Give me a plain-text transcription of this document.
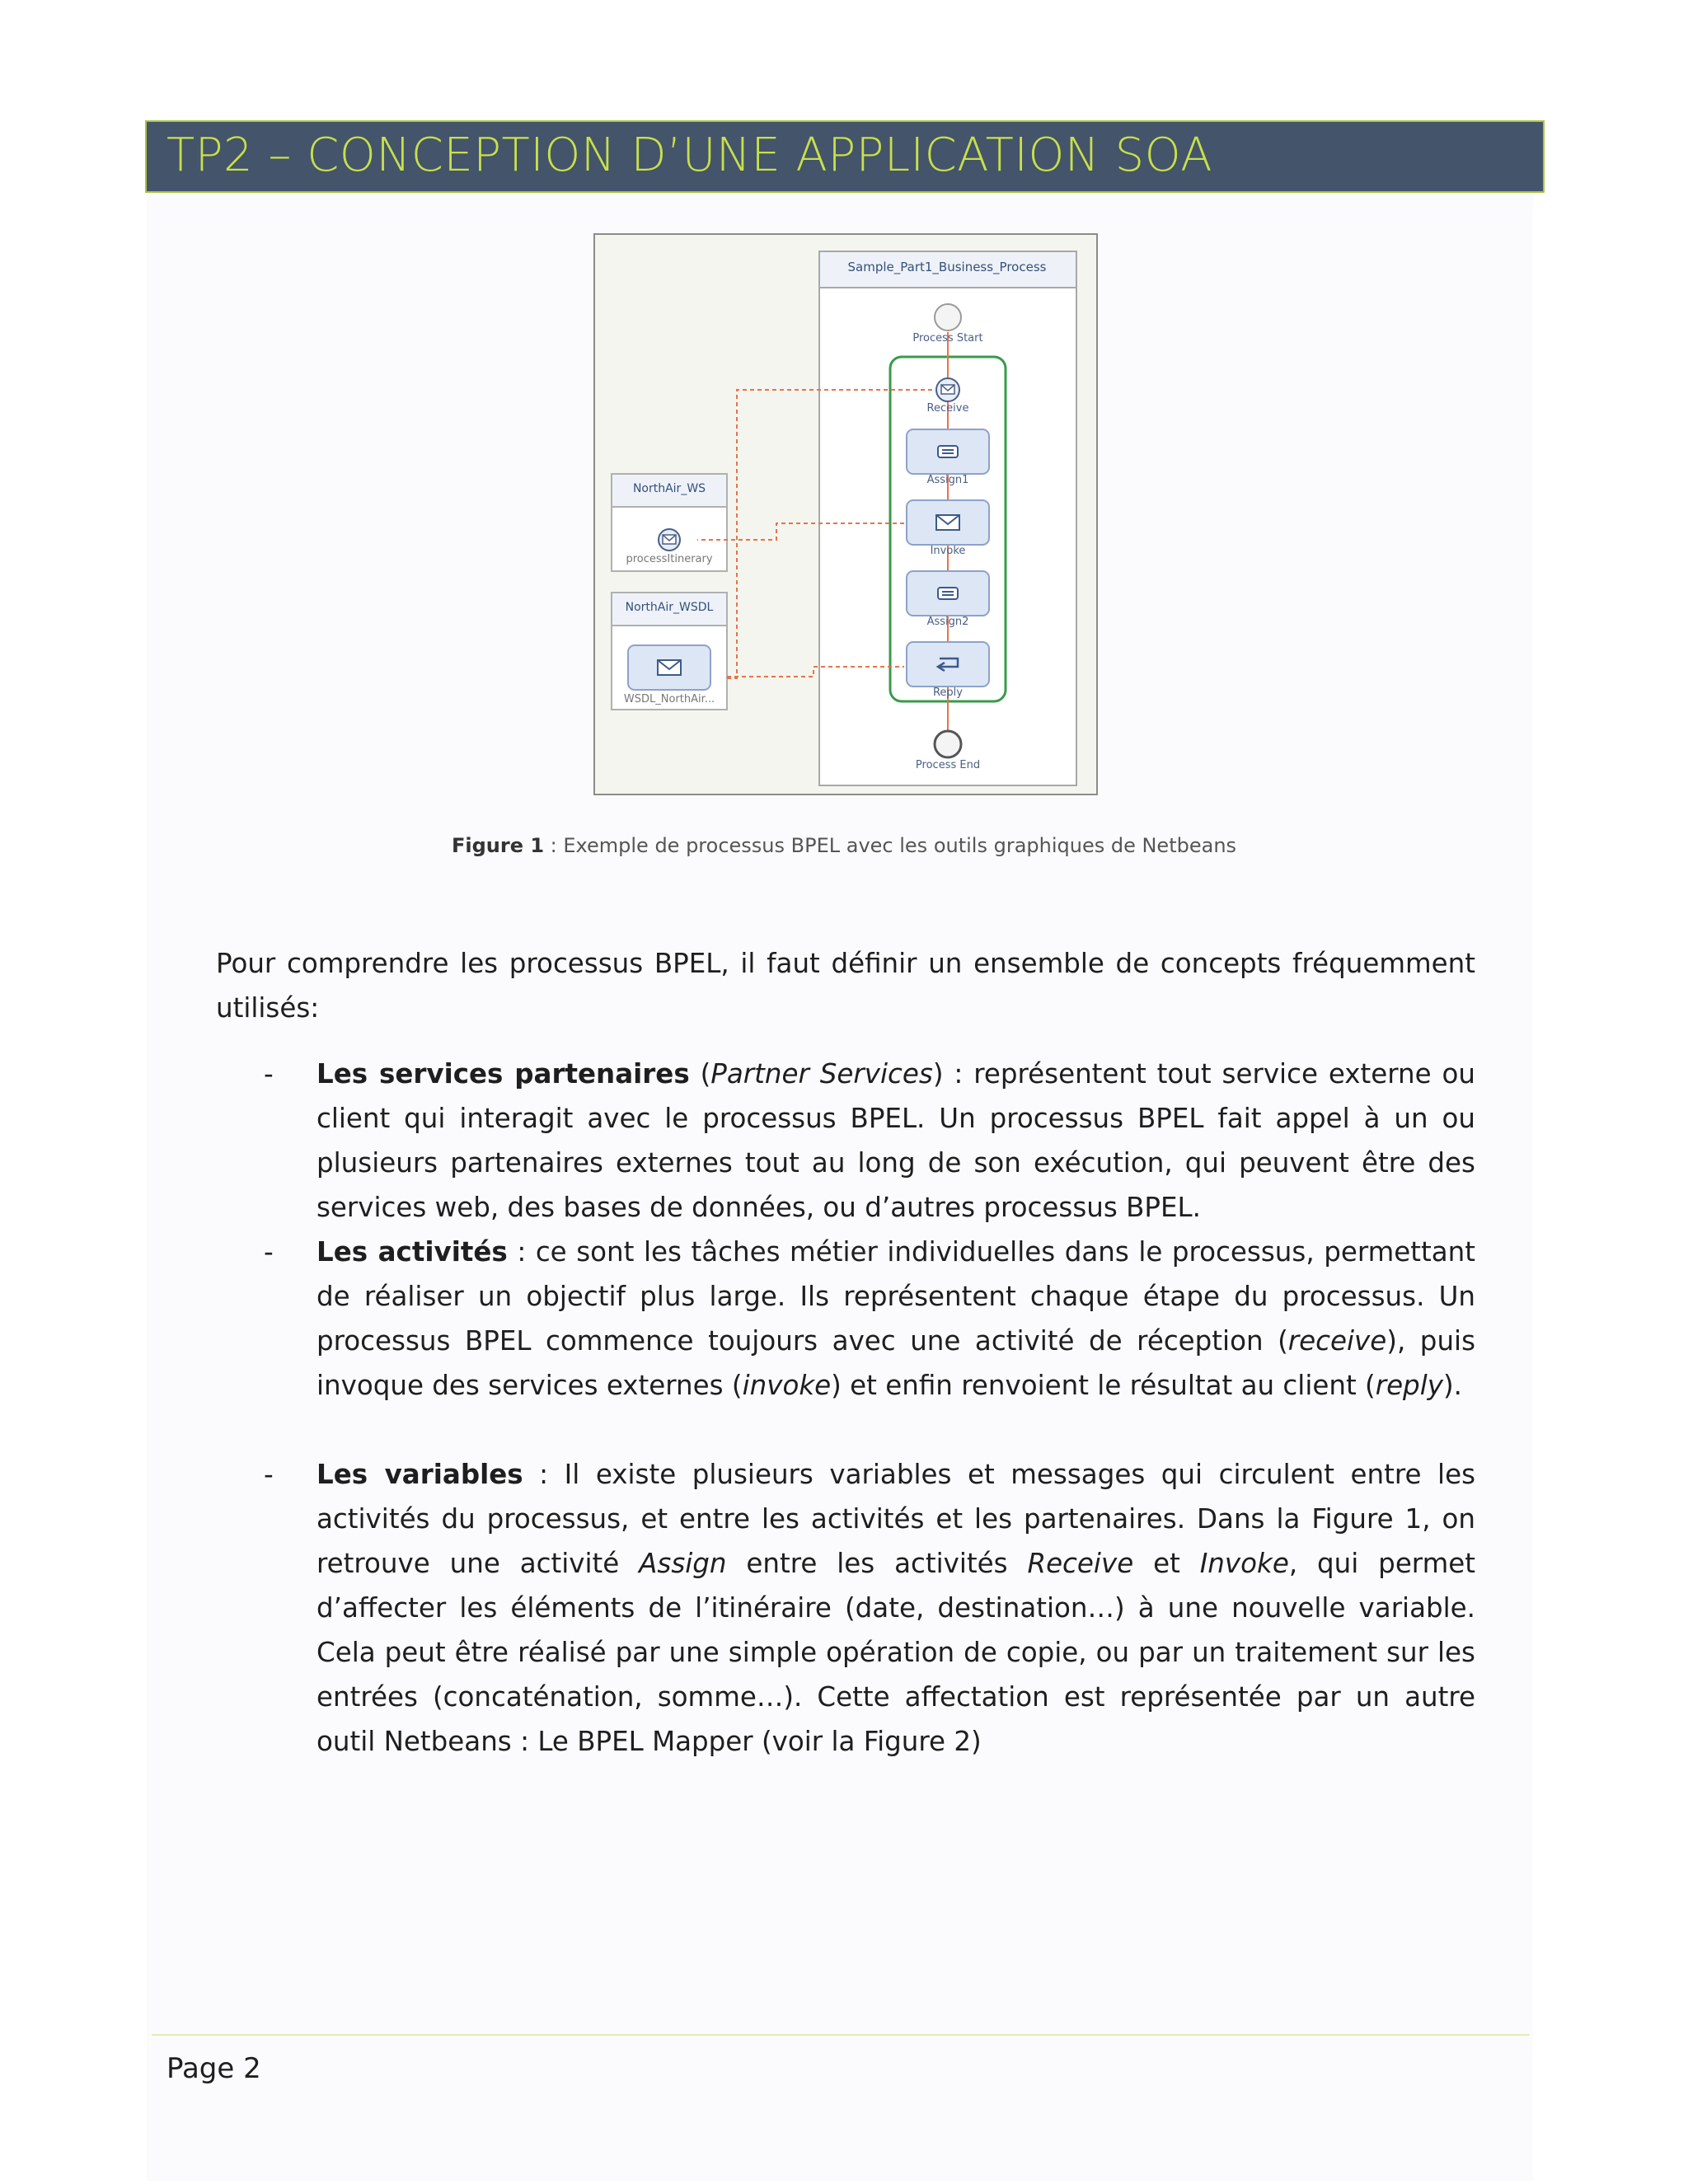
TP2 – CONCEPTION D’UNE APPLICATION SOA
Sample_Part1_Business_Process
Process Start
Receive
Assign1
Invoke
Assign2
Reply
Process End
NorthAir_WS
processItinerary
NorthAir_WSDL
WSDL_NorthAir...
Figure 1 : Exemple de processus BPEL avec les outils graphiques de Netbeans
Pour comprendre les processus BPEL, il faut définir un ensemble de concepts fréquemment utilisés:
- Les services partenaires (Partner Services) : représentent tout service externe ou client qui interagit avec le processus BPEL. Un processus BPEL fait appel à un ou plusieurs partenaires externes tout au long de son exécution, qui peuvent être des services web, des bases de données, ou d’autres processus BPEL.
- Les activités : ce sont les tâches métier individuelles dans le processus, permettant de réaliser un objectif plus large. Ils représentent chaque étape du processus. Un processus BPEL commence toujours avec une activité de réception (receive), puis invoque des services externes (invoke) et enfin renvoient le résultat au client (reply).
- Les variables : Il existe plusieurs variables et messages qui circulent entre les activités du processus, et entre les activités et les partenaires. Dans la Figure 1, on retrouve une activité Assign entre les activités Receive et Invoke, qui permet d’affecter les éléments de l’itinéraire (date, destination…) à une nouvelle variable. Cela peut être réalisé par une simple opération de copie, ou par un traitement sur les entrées (concaténation, somme…). Cette affectation est représentée par un autre outil Netbeans : Le BPEL Mapper (voir la Figure 2)
Page 2
